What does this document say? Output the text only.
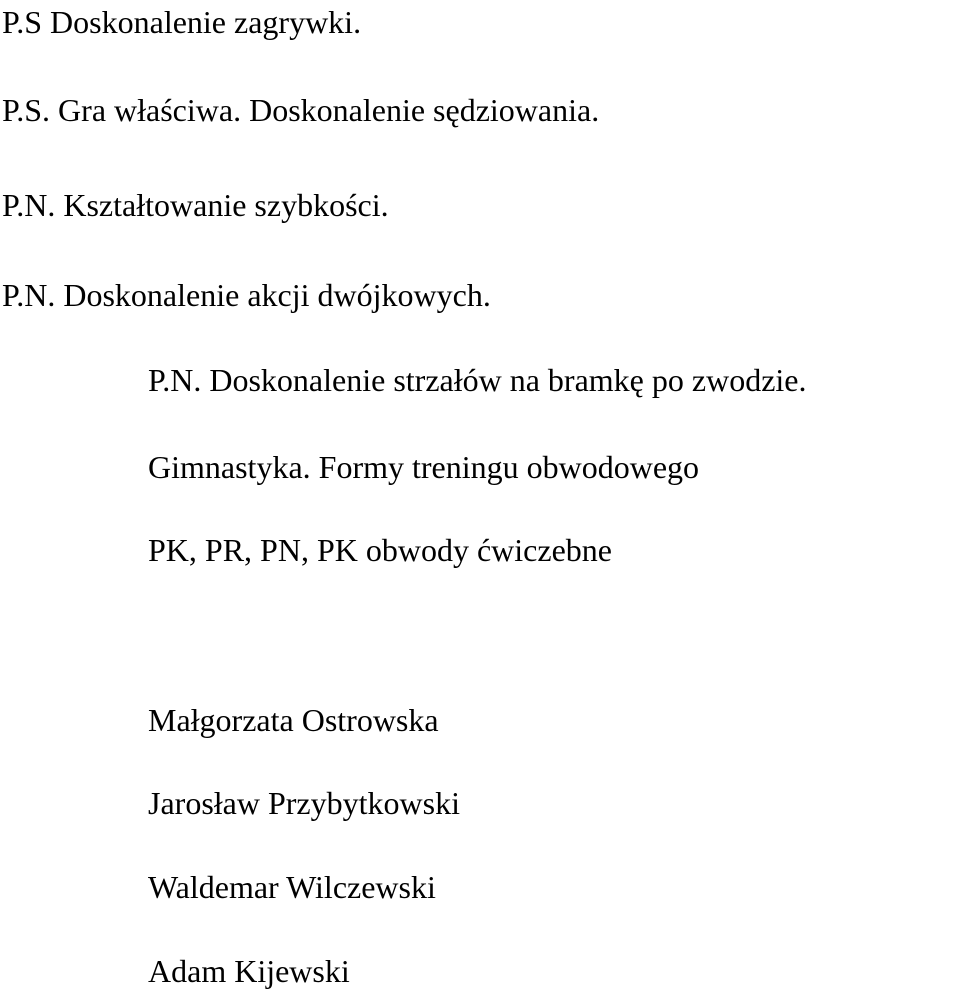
P.S Doskonalenie zagrywki.
P.S. Gra właściwa. Doskonalenie sędziowania.
P.N. Kształtowanie szybkości.
P.N. Doskonalenie akcji dwójkowych.
P.N. Doskonalenie strzałów na bramkę po zwodzie.
Gimnastyka. Formy treningu obwodowego
PK, PR, PN, PK obwody ćwiczebne
Małgorzata Ostrowska
Jarosław Przybytkowski
Waldemar Wilczewski
Adam Kijewski
